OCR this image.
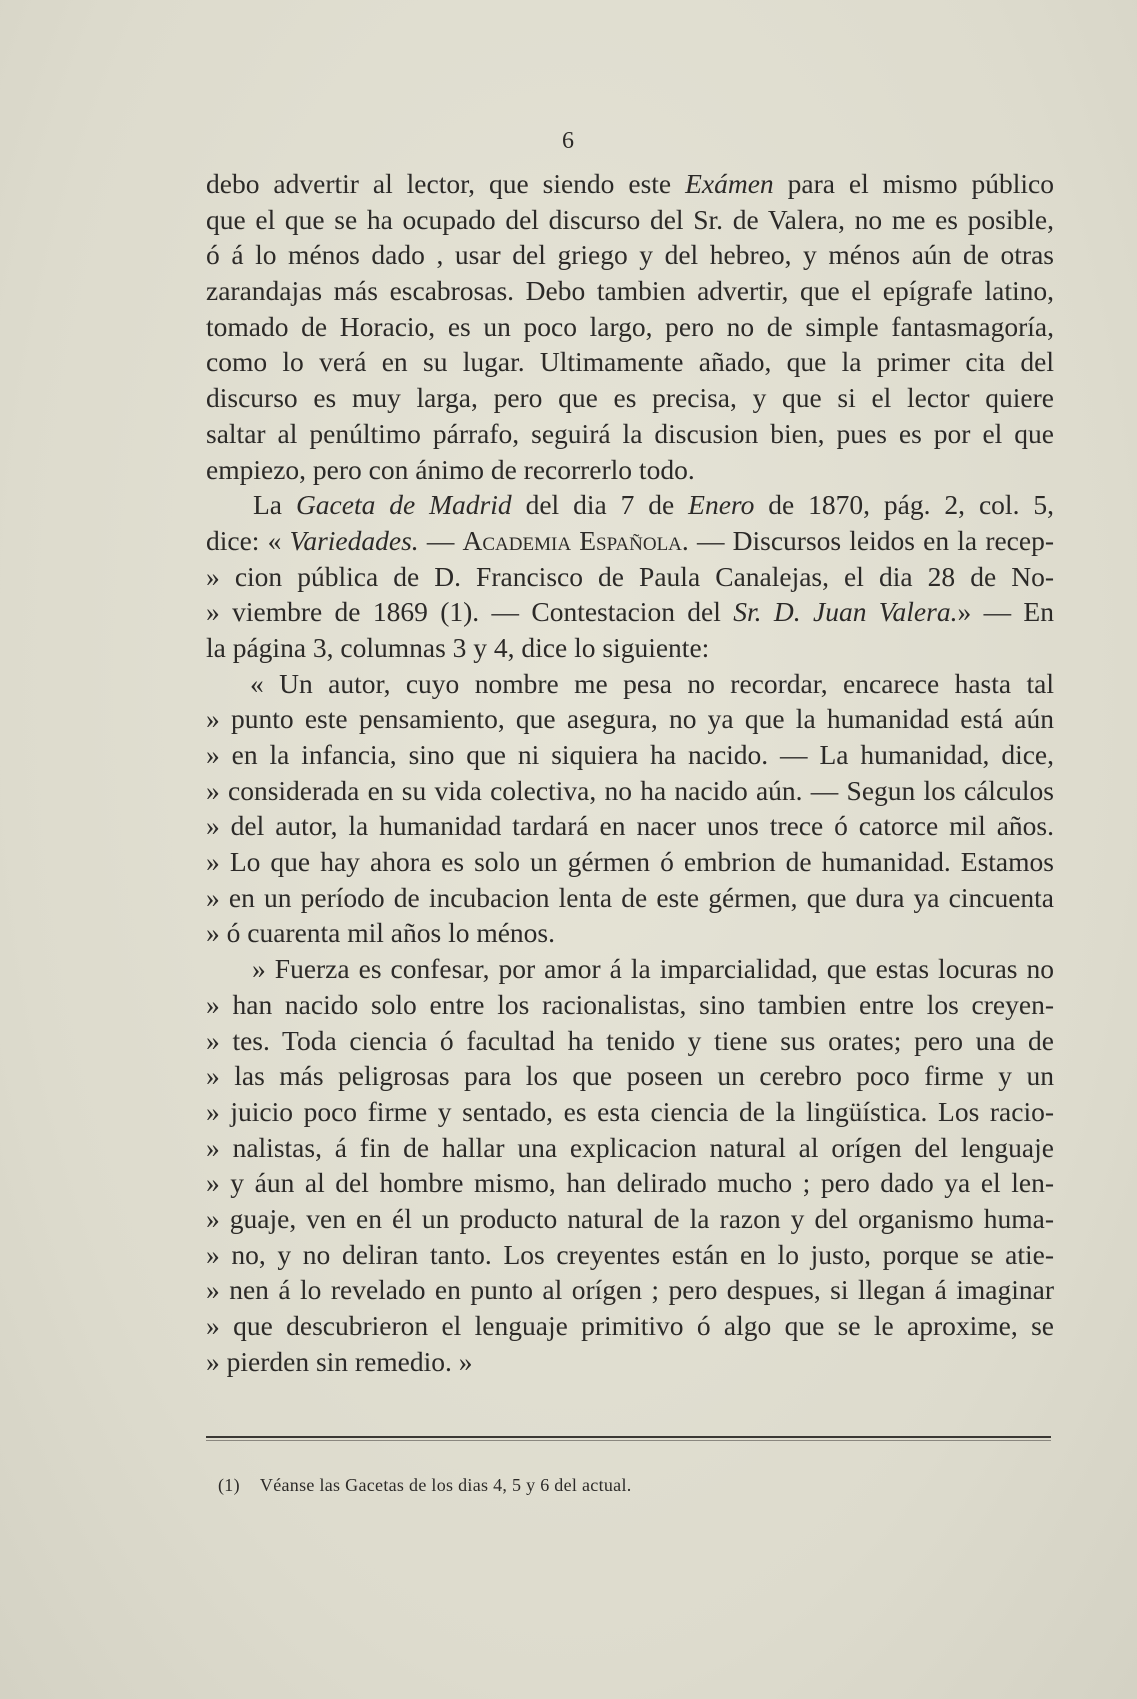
6
debo advertir al lector, que siendo este Exámen para el mismo público
que el que se ha ocupado del discurso del Sr. de Valera, no me es posible,
ó á lo ménos dado , usar del griego y del hebreo, y ménos aún de otras
zarandajas más escabrosas. Debo tambien advertir, que el epígrafe latino,
tomado de Horacio, es un poco largo, pero no de simple fantasmagoría,
como lo verá en su lugar. Ultimamente añado, que la primer cita del
discurso es muy larga, pero que es precisa, y que si el lector quiere
saltar al penúltimo párrafo, seguirá la discusion bien, pues es por el que
empiezo, pero con ánimo de recorrerlo todo.
La Gaceta de Madrid del dia 7 de Enero de 1870, pág. 2, col. 5,
dice: « Variedades. — Academia Española. — Discursos leidos en la recep-
» cion pública de D. Francisco de Paula Canalejas, el dia 28 de No-
» viembre de 1869 (1). — Contestacion del Sr. D. Juan Valera.» — En
la página 3, columnas 3 y 4, dice lo siguiente:
« Un autor, cuyo nombre me pesa no recordar, encarece hasta tal
» punto este pensamiento, que asegura, no ya que la humanidad está aún
» en la infancia, sino que ni siquiera ha nacido. — La humanidad, dice,
» considerada en su vida colectiva, no ha nacido aún. — Segun los cálculos
» del autor, la humanidad tardará en nacer unos trece ó catorce mil años.
» Lo que hay ahora es solo un gérmen ó embrion de humanidad. Estamos
» en un período de incubacion lenta de este gérmen, que dura ya cincuenta
» ó cuarenta mil años lo ménos.
» Fuerza es confesar, por amor á la imparcialidad, que estas locuras no
» han nacido solo entre los racionalistas, sino tambien entre los creyen-
» tes. Toda ciencia ó facultad ha tenido y tiene sus orates; pero una de
» las más peligrosas para los que poseen un cerebro poco firme y un
» juicio poco firme y sentado, es esta ciencia de la lingüística. Los racio-
» nalistas, á fin de hallar una explicacion natural al orígen del lenguaje
» y áun al del hombre mismo, han delirado mucho ; pero dado ya el len-
» guaje, ven en él un producto natural de la razon y del organismo huma-
» no, y no deliran tanto. Los creyentes están en lo justo, porque se atie-
» nen á lo revelado en punto al orígen ; pero despues, si llegan á imaginar
» que descubrieron el lenguaje primitivo ó algo que se le aproxime, se
» pierden sin remedio. »
(1) Véanse las Gacetas de los dias 4, 5 y 6 del actual.
